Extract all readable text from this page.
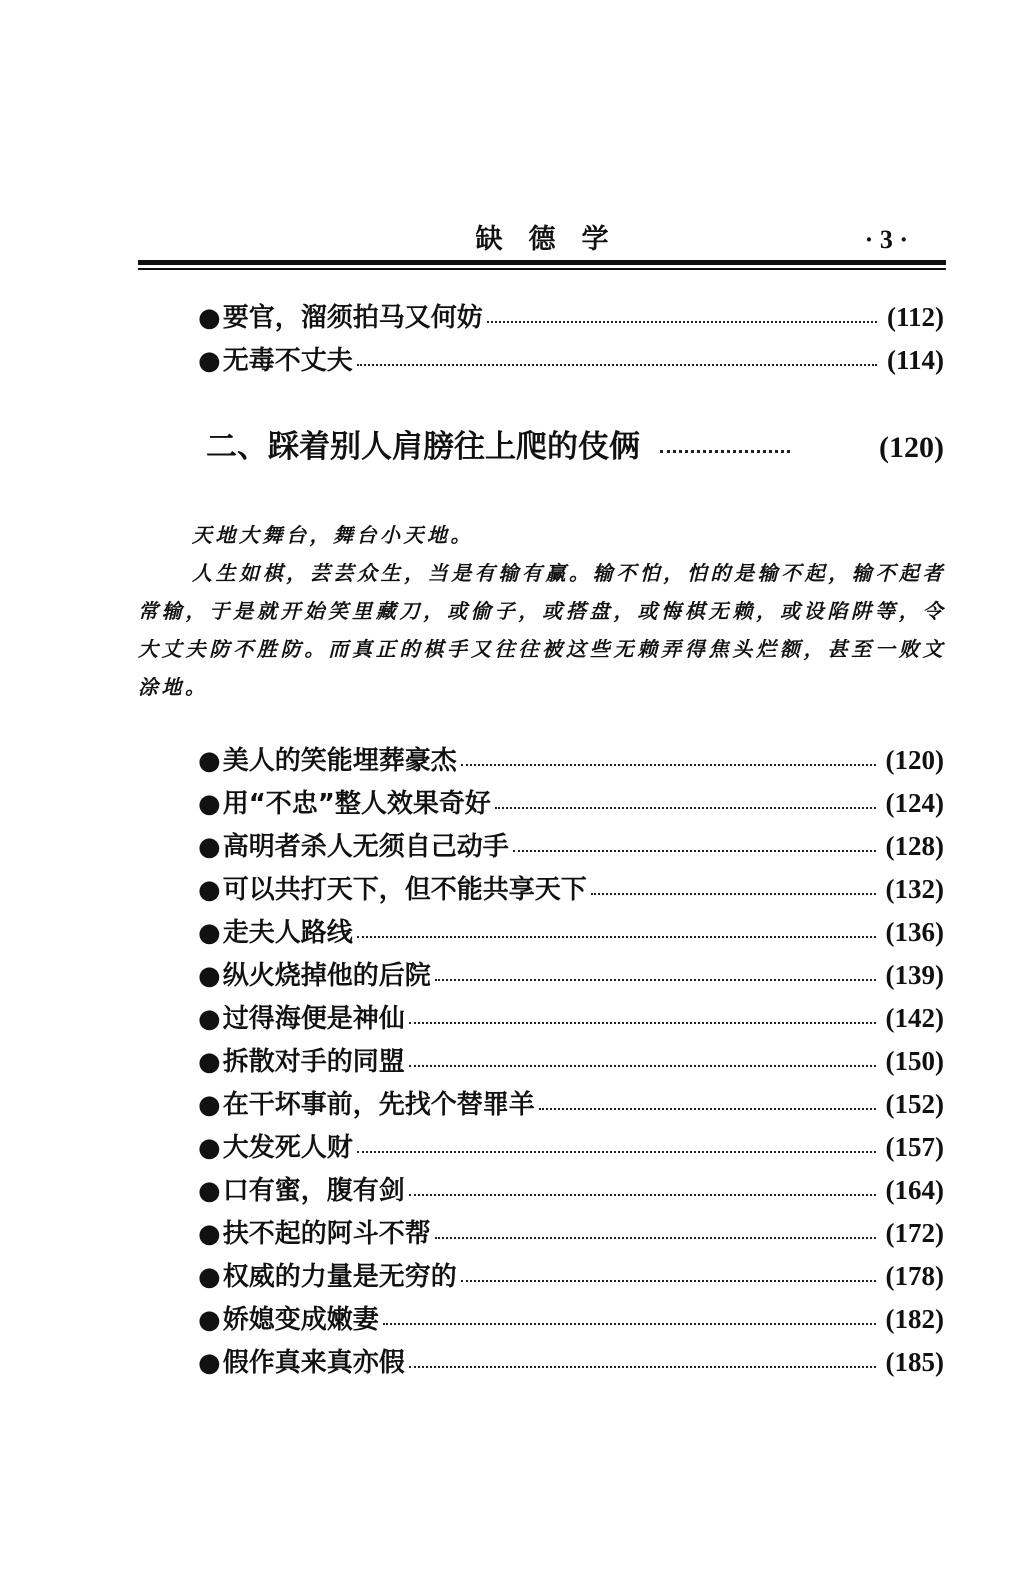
缺德学	· 3 ·
● 要官，溜须拍马又何妨	(112)
● 无毒不丈夫	(114)
二、踩着别人肩膀往上爬的伎俩	(120)

天地大舞台，舞台小天地。

人生如棋，芸芸众生，当是有输有赢。输不怕，怕的是输不起，输不起者常输，于是就开始笑里藏刀，或偷子，或搭盘，或悔棋无赖，或设陷阱等，令大丈夫防不胜防。而真正的棋手又往往被这些无赖弄得焦头烂额，甚至一败文涂地。

● 美人的笑能埋葬豪杰	(120)
● 用“不忠”整人效果奇好	(124)
● 高明者杀人无须自己动手	(128)
● 可以共打天下，但不能共享天下	(132)
● 走夫人路线	(136)
● 纵火烧掉他的后院	(139)
● 过得海便是神仙	(142)
● 拆散对手的同盟	(150)
● 在干坏事前，先找个替罪羊	(152)
● 大发死人财	(157)
● 口有蜜，腹有剑	(164)
● 扶不起的阿斗不帮	(172)
● 权威的力量是无穷的	(178)
● 娇媳变成嫩妻	(182)
● 假作真来真亦假	(185)
